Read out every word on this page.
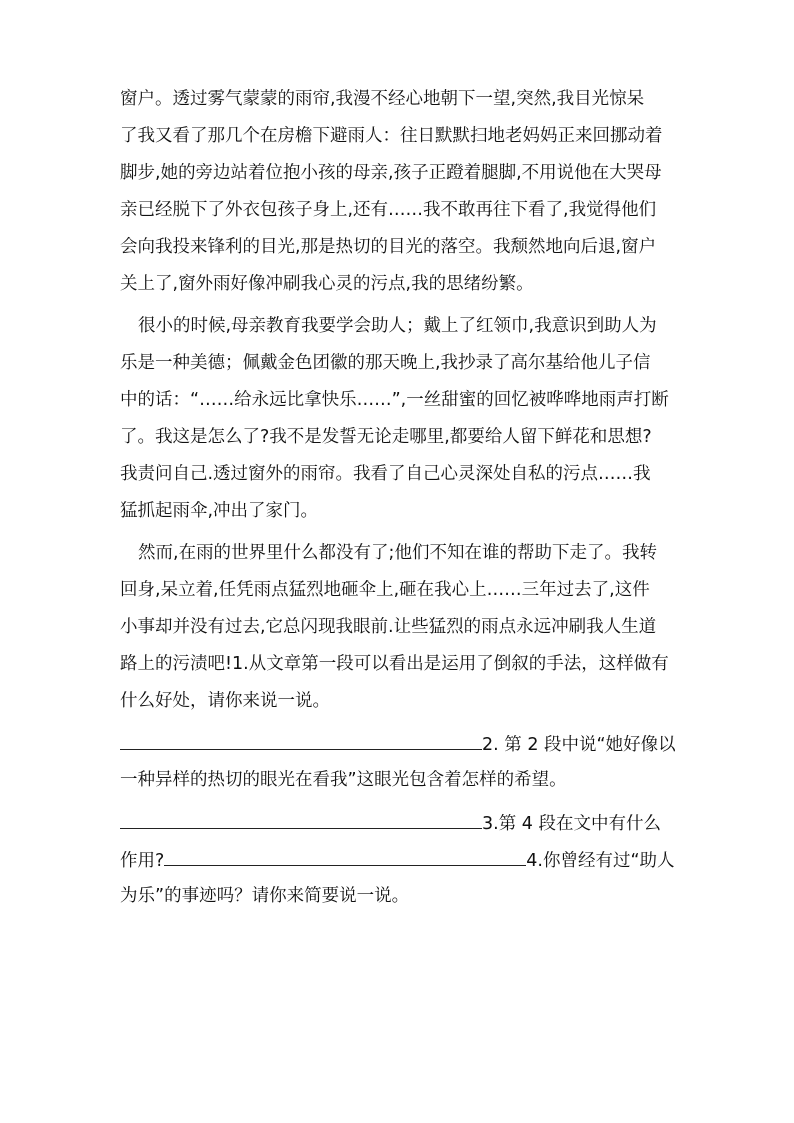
窗户。透过雾气蒙蒙的雨帘,我漫不经心地朝下一望,突然,我目光惊呆
了我又看了那几个在房檐下避雨人：往日默默扫地老妈妈正来回挪动着
脚步,她的旁边站着位抱小孩的母亲,孩子正蹬着腿脚,不用说他在大哭母
亲已经脱下了外衣包孩子身上,还有……我不敢再往下看了,我觉得他们
会向我投来锋利的目光,那是热切的目光的落空。我颓然地向后退,窗户
关上了,窗外雨好像冲刷我心灵的污点,我的思绪纷繁。
很小的时候,母亲教育我要学会助人；戴上了红领巾,我意识到助人为
乐是一种美德；佩戴金色团徽的那天晚上,我抄录了高尔基给他儿子信
中的话：“……给永远比拿快乐……”,一丝甜蜜的回忆被哗哗地雨声打断
了。我这是怎么了?我不是发誓无论走哪里,都要给人留下鲜花和思想?
我责问自己.透过窗外的雨帘。我看了自己心灵深处自私的污点……我
猛抓起雨伞,冲出了家门。
然而,在雨的世界里什么都没有了;他们不知在谁的帮助下走了。我转
回身,呆立着,任凭雨点猛烈地砸伞上,砸在我心上……三年过去了,这件
小事却并没有过去,它总闪现我眼前.让些猛烈的雨点永远冲刷我人生道
路上的污渍吧!1.从文章第一段可以看出是运用了倒叙的手法，这样做有
什么好处，请你来说一说。
2. 第 2 段中说“她好像以
一种异样的热切的眼光在看我”这眼光包含着怎样的希望。
3.第 4 段在文中有什么
作用?	4.你曾经有过“助人
为乐”的事迹吗？请你来简要说一说。
